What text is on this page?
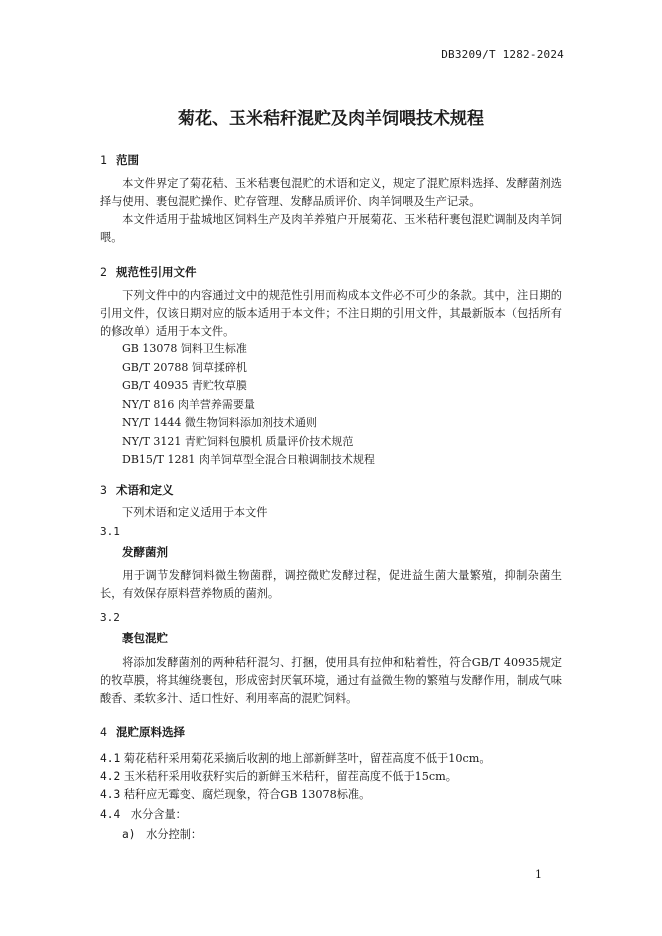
DB3209/T 1282-2024
菊花、玉米秸秆混贮及肉羊饲喂技术规程
1 范围
本文件界定了菊花秸、玉米秸裹包混贮的术语和定义，规定了混贮原料选择、发酵菌剂选择与使用、裹包混贮操作、贮存管理、发酵品质评价、肉羊饲喂及生产记录。
本文件适用于盐城地区饲料生产及肉羊养殖户开展菊花、玉米秸秆裹包混贮调制及肉羊饲喂。
2 规范性引用文件
下列文件中的内容通过文中的规范性引用而构成本文件必不可少的条款。其中，注日期的引用文件，仅该日期对应的版本适用于本文件；不注日期的引用文件，其最新版本（包括所有的修改单）适用于本文件。
GB 13078 饲料卫生标准
GB/T 20788 饲草揉碎机
GB/T 40935 青贮牧草膜
NY/T 816 肉羊营养需要量
NY/T 1444 微生物饲料添加剂技术通则
NY/T 3121 青贮饲料包膜机 质量评价技术规范
DB15/T 1281 肉羊饲草型全混合日粮调制技术规程
3 术语和定义
下列术语和定义适用于本文件
3.1
发酵菌剂
用于调节发酵饲料微生物菌群，调控微贮发酵过程，促进益生菌大量繁殖，抑制杂菌生长，有效保存原料营养物质的菌剂。
3.2
裹包混贮
将添加发酵菌剂的两种秸秆混匀、打捆，使用具有拉伸和粘着性，符合GB/T 40935规定的牧草膜，将其缠绕裹包，形成密封厌氧环境，通过有益微生物的繁殖与发酵作用，制成气味酸香、柔软多汁、适口性好、利用率高的混贮饲料。
4 混贮原料选择
4.1 菊花秸秆采用菊花采摘后收割的地上部新鲜茎叶，留茬高度不低于10cm。
4.2 玉米秸秆采用收获籽实后的新鲜玉米秸秆，留茬高度不低于15cm。
4.3 秸秆应无霉变、腐烂现象，符合GB 13078标准。
4.4 水分含量：
a) 水分控制：
1
